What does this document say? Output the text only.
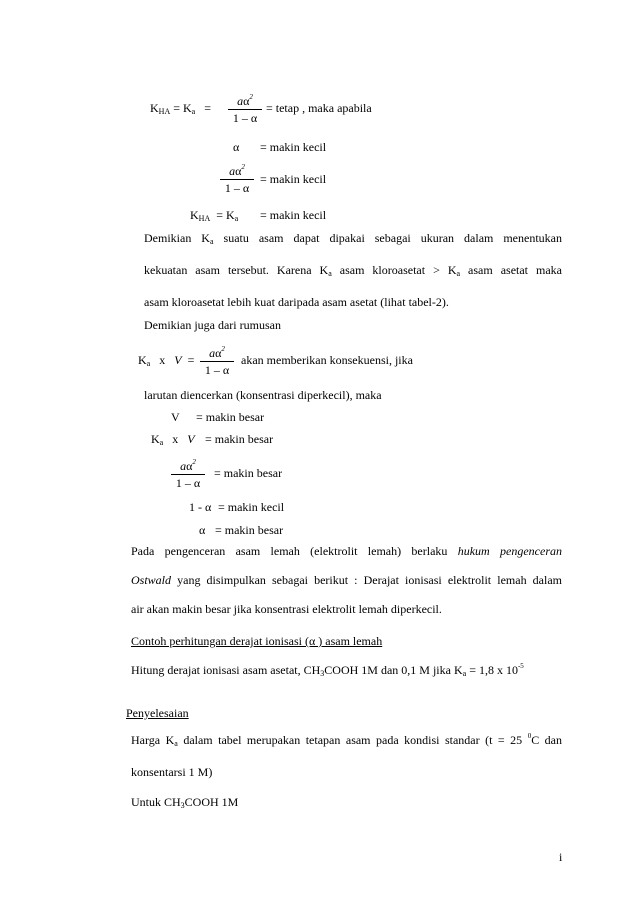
$K_{HA} = K_a$ =	$a\alpha^2$
1 – α
= tetap , maka apabila
α = makin kecil
$a\alpha^2$
1 – α
= makin kecil
$K_{HA} = K_a$ = makin kecil
Demikian $K_a$ suatu asam dapat dipakai sebagai ukuran dalam menentukan
kekuatan asam tersebut. Karena $K_a$ asam kloroasetat > $K_a$ asam asetat maka
asam kloroasetat lebih kuat daripada asam asetat (lihat tabel-2).
Demikian juga dari rumusan
$K_a$ x V =	$a\alpha^2$
1 – α
akan memberikan konsekuensi, jika
larutan diencerkan (konsentrasi diperkecil), maka
V = makin besar
$K_a$ x V = makin besar
$a\alpha^2$
1 – α
= makin besar
1 - α = makin kecil
α = makin besar
Pada pengenceran asam lemah (elektrolit lemah) berlaku hukum pengenceran
Ostwald yang disimpulkan sebagai berikut : Derajat ionisasi elektrolit lemah dalam
air akan makin besar jika konsentrasi elektrolit lemah diperkecil.
Contoh perhitungan derajat ionisasi (α ) asam lemah
Hitung derajat ionisasi asam asetat, $CH_3COOH$ 1M dan 0,1 M jika $K_a = 1,8$ x $10^{-5}$
Penyelesaian
Harga $K_a$ dalam tabel merupakan tetapan asam pada kondisi standar (t = 25 $^0$C dan
konsentarsi 1 M)
Untuk $CH_3COOH$ 1M
i
